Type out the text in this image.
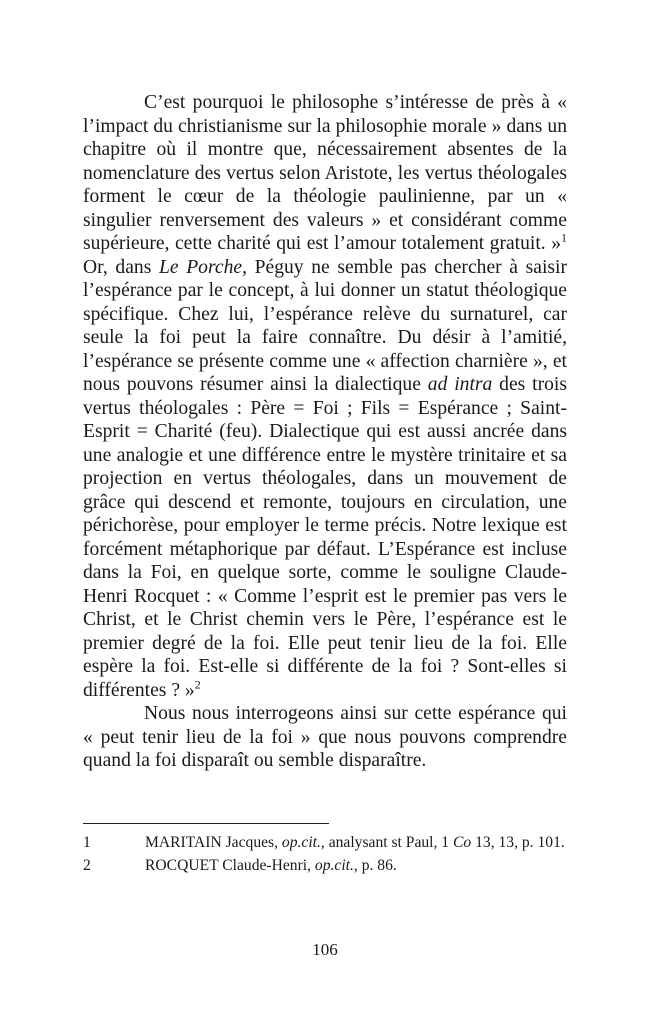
C’est pourquoi le philosophe s’intéresse de près à « l’impact du christianisme sur la philosophie morale » dans un chapitre où il montre que, nécessairement absentes de la nomenclature des vertus selon Aristote, les vertus théologales forment le cœur de la théologie paulinienne, par un « singulier renversement des valeurs » et considérant comme supérieure, cette charité qui est l’amour totalement gratuit. »$^1$ Or, dans Le Porche, Péguy ne semble pas chercher à saisir l’espérance par le concept, à lui donner un statut théologique spécifique. Chez lui, l’espérance relève du surnaturel, car seule la foi peut la faire connaître. Du désir à l’amitié, l’espérance se présente comme une « affection charnière », et nous pouvons résumer ainsi la dialectique ad intra des trois vertus théologales : Père = Foi ; Fils = Espérance ; Saint-Esprit = Charité (feu). Dialectique qui est aussi ancrée dans une analogie et une différence entre le mystère trinitaire et sa projection en vertus théologales, dans un mouvement de grâce qui descend et remonte, toujours en circulation, une périchorèse, pour employer le terme précis. Notre lexique est forcément métaphorique par défaut. L’Espérance est incluse dans la Foi, en quelque sorte, comme le souligne Claude-Henri Rocquet : « Comme l’esprit est le premier pas vers le Christ, et le Christ chemin vers le Père, l’espérance est le premier degré de la foi. Elle peut tenir lieu de la foi. Elle espère la foi. Est-elle si différente de la foi ? Sont-elles si différentes ? »$^2$

Nous nous interrogeons ainsi sur cette espérance qui « peut tenir lieu de la foi » que nous pouvons comprendre quand la foi disparaît ou semble disparaître.

1	MARITAIN Jacques, op.cit., analysant st Paul, 1 Co 13, 13, p. 101.

2	ROCQUET Claude-Henri, op.cit., p. 86.

106
